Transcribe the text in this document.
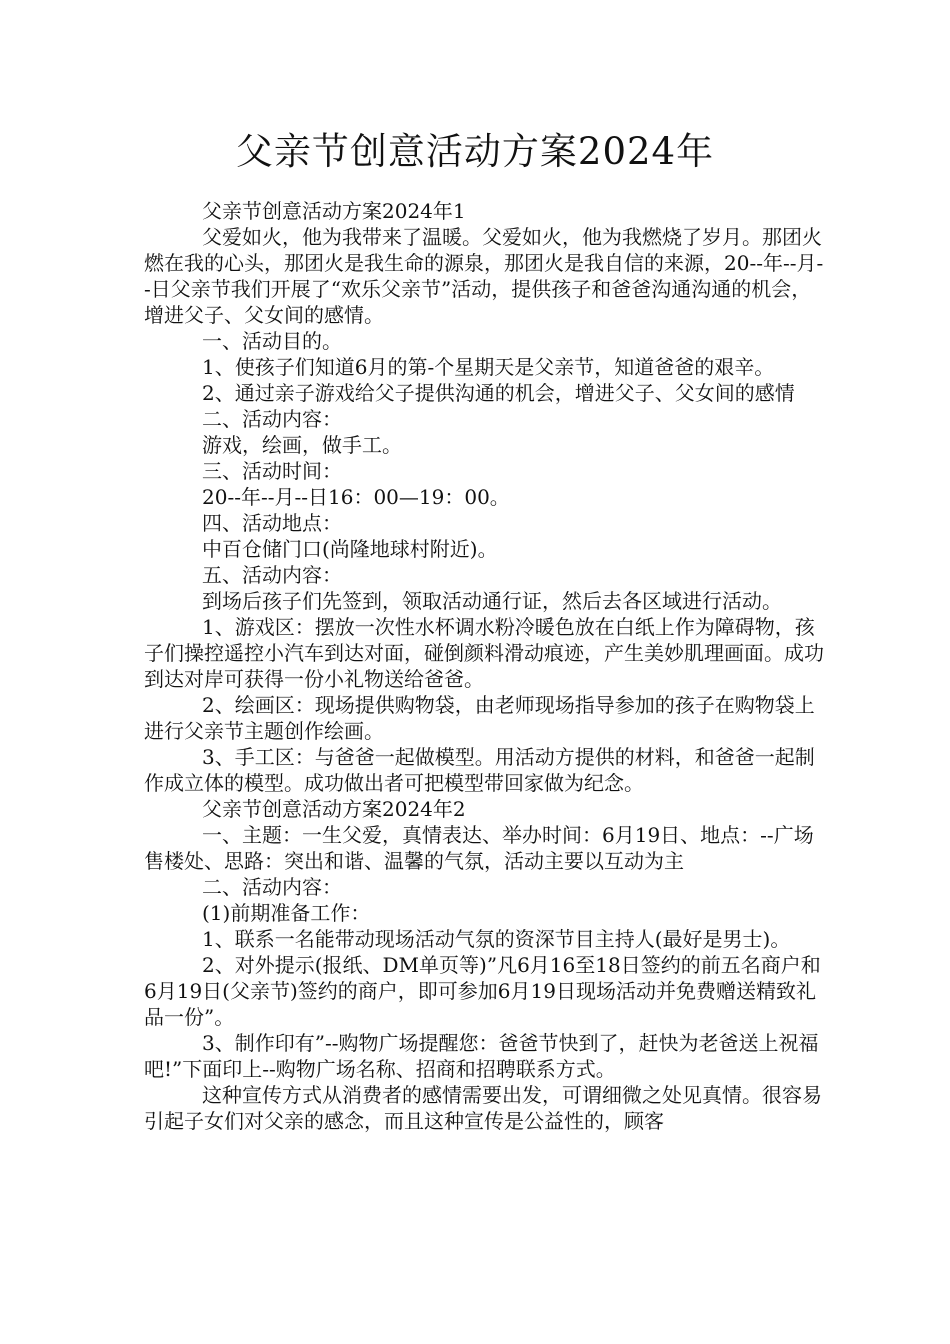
父亲节创意活动方案2024年

父亲节创意活动方案2024年1

父爱如火，他为我带来了温暖。父爱如火，他为我燃烧了岁月。那团火燃在我的心头，那团火是我生命的源泉，那团火是我自信的来源，20--年--月--日父亲节我们开展了“欢乐父亲节”活动，提供孩子和爸爸沟通沟通的机会，增进父子、父女间的感情。

一、活动目的。

1、使孩子们知道6月的第-个星期天是父亲节，知道爸爸的艰辛。

2、通过亲子游戏给父子提供沟通的机会，增进父子、父女间的感情

二、活动内容：

游戏，绘画，做手工。

三、活动时间：

20--年--月--日16：00—19：00。

四、活动地点：

中百仓储门口(尚隆地球村附近)。

五、活动内容：

到场后孩子们先签到，领取活动通行证，然后去各区域进行活动。

1、游戏区：摆放一次性水杯调水粉冷暖色放在白纸上作为障碍物，孩子们操控遥控小汽车到达对面，碰倒颜料滑动痕迹，产生美妙肌理画面。成功到达对岸可获得一份小礼物送给爸爸。

2、绘画区：现场提供购物袋，由老师现场指导参加的孩子在购物袋上进行父亲节主题创作绘画。

3、手工区：与爸爸一起做模型。用活动方提供的材料，和爸爸一起制作成立体的模型。成功做出者可把模型带回家做为纪念。

父亲节创意活动方案2024年2

一、主题：一生父爱，真情表达、举办时间：6月19日、地点：--广场售楼处、思路：突出和谐、温馨的气氛，活动主要以互动为主

二、活动内容：

(1)前期准备工作：

1、联系一名能带动现场活动气氛的资深节目主持人(最好是男士)。

2、对外提示(报纸、DM单页等)”凡6月16至18日签约的前五名商户和6月19日(父亲节)签约的商户，即可参加6月19日现场活动并免费赠送精致礼品一份”。

3、制作印有”--购物广场提醒您：爸爸节快到了，赶快为老爸送上祝福吧!”下面印上--购物广场名称、招商和招聘联系方式。

这种宣传方式从消费者的感情需要出发，可谓细微之处见真情。很容易引起子女们对父亲的感念，而且这种宣传是公益性的，顾客
